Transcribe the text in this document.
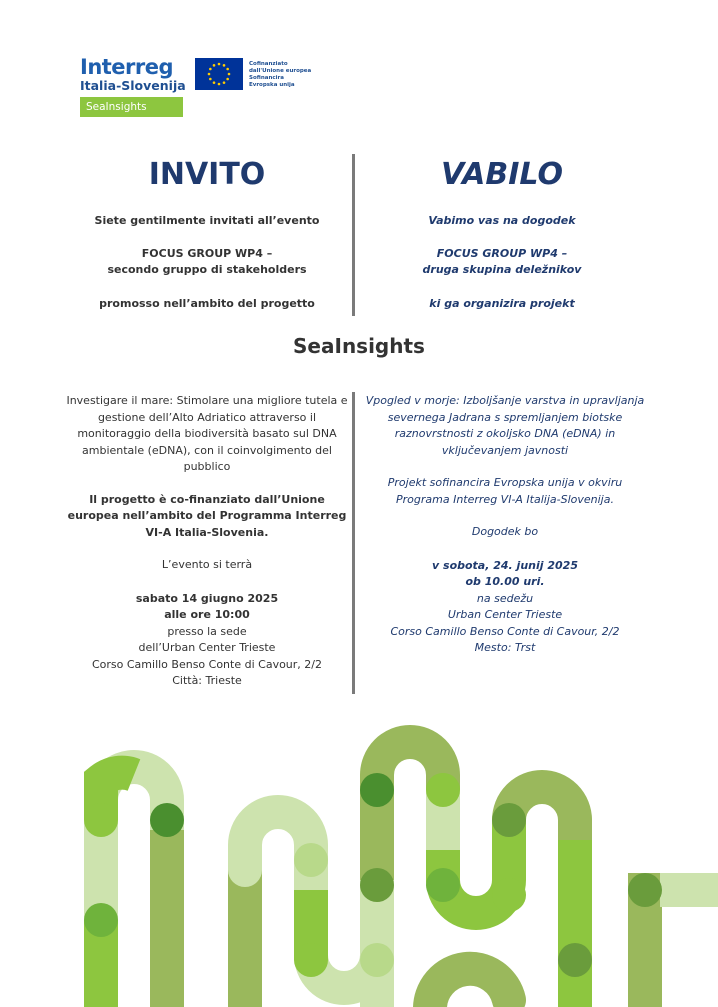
Interreg
Italia-Slovenija
SeaInsights
Cofinanziato
dall'Unione europea
Sofinancira
Evropska unija
INVITO
Siete gentilmente invitati all’evento
FOCUS GROUP WP4 –
secondo gruppo di stakeholders
promosso nell’ambito del progetto
VABILO
Vabimo vas na dogodek
FOCUS GROUP WP4 –
druga skupina deležnikov
ki ga organizira projekt
SeaInsights
Investigare il mare: Stimolare una migliore tutela e gestione dell’Alto Adriatico attraverso il monitoraggio della biodiversità basato sul DNA ambientale (eDNA), con il coinvolgimento del pubblico
Il progetto è co-finanziato dall’Unione europea nell’ambito del Programma Interreg VI-A Italia-Slovenia.
L’evento si terrà
sabato 14 giugno 2025
alle ore 10:00
presso la sede
dell’Urban Center Trieste
Corso Camillo Benso Conte di Cavour, 2/2
Città: Trieste
Vpogled v morje: Izboljšanje varstva in upravljanja severnega Jadrana s spremljanjem biotske raznovrstnosti z okoljsko DNA (eDNA) in vključevanjem javnosti
Projekt sofinancira Evropska unija v okviru Programa Interreg VI-A Italija-Slovenija.
Dogodek bo
v sobota, 24. junij 2025
ob 10.00 uri.
na sedežu
Urban Center Trieste
Corso Camillo Benso Conte di Cavour, 2/2
Mesto: Trst
